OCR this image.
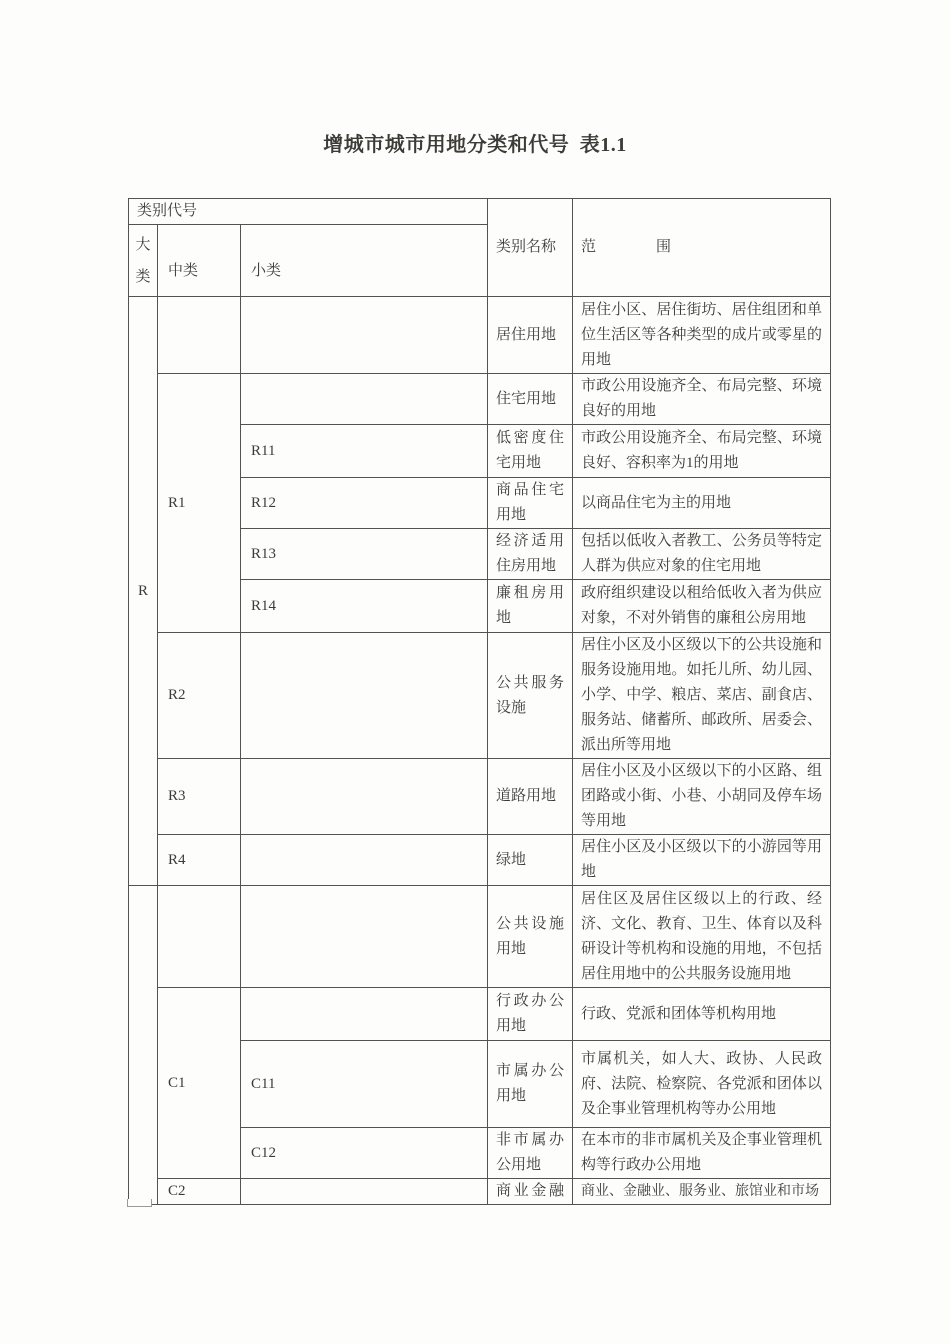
增城市城市用地分类和代号 表1.1
类别代号			类别名称	范　　　　围
大类	中类	小类		
R			居住用地	居住小区、居住街坊、居住组团和单位生活区等各种类型的成片或零星的用地
	R1		住宅用地	市政公用设施齐全、布局完整、环境良好的用地
		R11	低密度住宅用地	市政公用设施齐全、布局完整、环境良好、容积率为1的用地
		R12	商品住宅用地	以商品住宅为主的用地
		R13	经济适用住房用地	包括以低收入者教工、公务员等特定人群为供应对象的住宅用地
		R14	廉租房用地	政府组织建设以租给低收入者为供应对象，不对外销售的廉租公房用地
	R2		公共服务设施	居住小区及小区级以下的公共设施和服务设施用地。如托儿所、幼儿园、小学、中学、粮店、菜店、副食店、服务站、储蓄所、邮政所、居委会、派出所等用地
	R3		道路用地	居住小区及小区级以下的小区路、组团路或小街、小巷、小胡同及停车场等用地
	R4		绿地	居住小区及小区级以下的小游园等用地
			公共设施用地	居住区及居住区级以上的行政、经济、文化、教育、卫生、体育以及科研设计等机构和设施的用地，不包括居住用地中的公共服务设施用地
	C1		行政办公用地	行政、党派和团体等机构用地
		C11	市属办公用地	市属机关，如人大、政协、人民政府、法院、检察院、各党派和团体以及企事业管理机构等办公用地
		C12	非市属办公用地	在本市的非市属机关及企事业管理机构等行政办公用地
	C2		商业金融	商业、金融业、服务业、旅馆业和市场
